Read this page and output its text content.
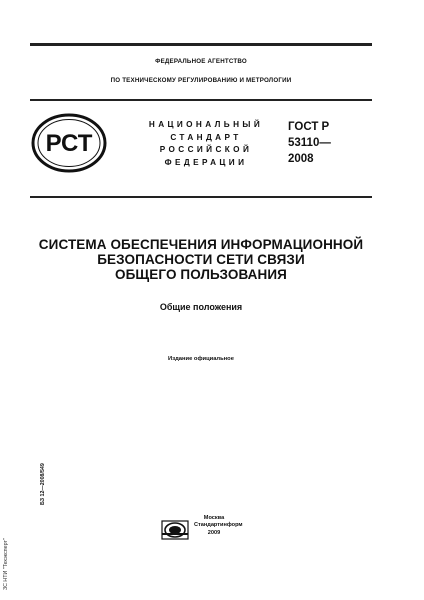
ФЕДЕРАЛЬНОЕ АГЕНТСТВО
ПО ТЕХНИЧЕСКОМУ РЕГУЛИРОВАНИЮ И МЕТРОЛОГИИ
РСТ
НАЦИОНАЛЬНЫЙ
СТАНДАРТ
РОССИЙСКОЙ
ФЕДЕРАЦИИ
ГОСТ Р
53110—
2008
СИСТЕМА ОБЕСПЕЧЕНИЯ ИНФОРМАЦИОННОЙ
БЕЗОПАСНОСТИ СЕТИ СВЯЗИ
ОБЩЕГО ПОЛЬЗОВАНИЯ
Общие положения
Издание официальное
БЗ 12—2008/549
ЗС НТИ "Техэксперт"
Москва
Стандартинформ
2009
